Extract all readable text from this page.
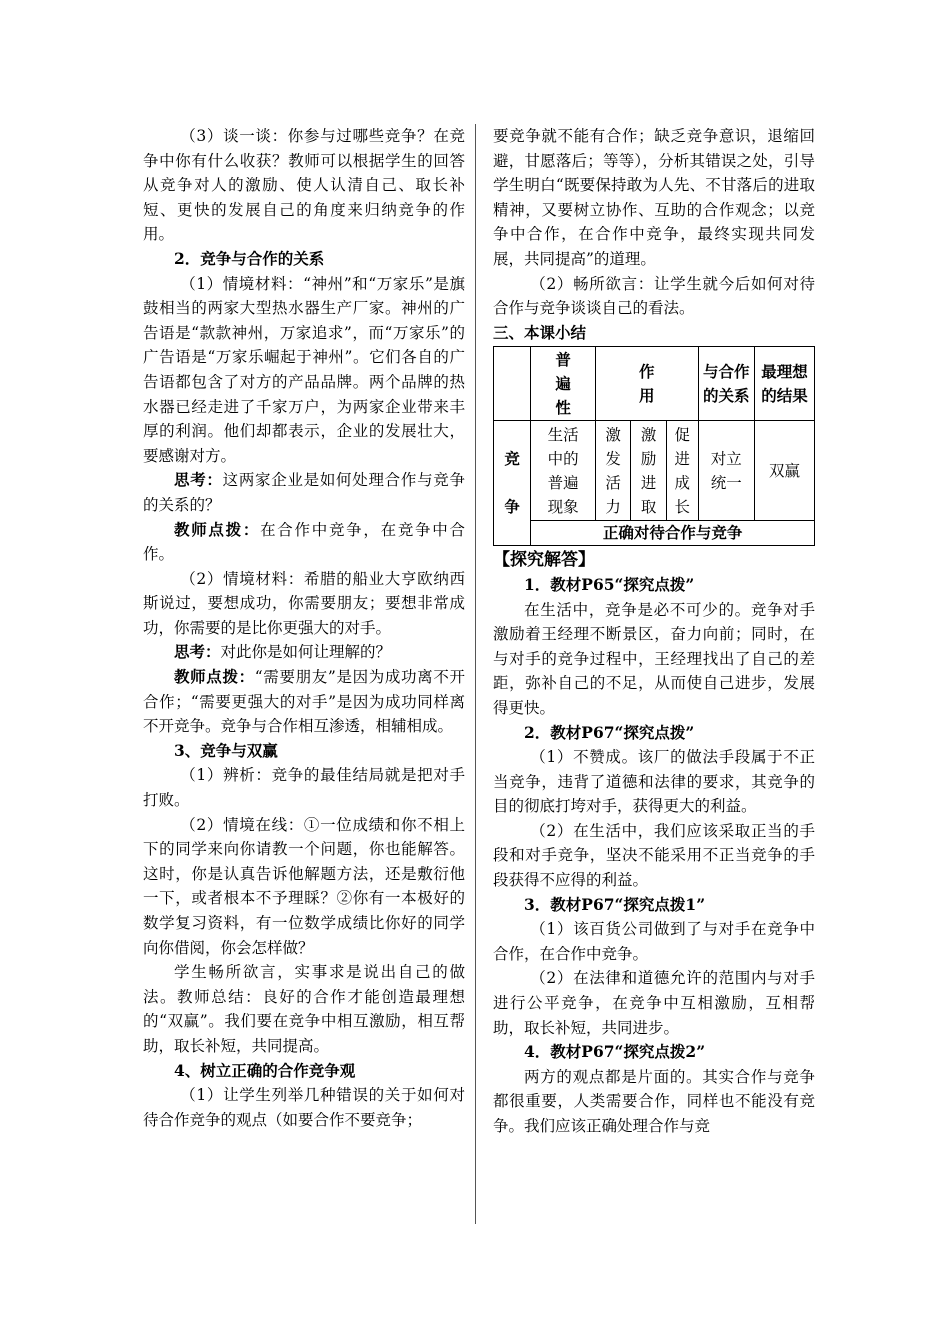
（3）谈一谈：你参与过哪些竞争？在竞争中你有什么收获？教师可以根据学生的回答从竞争对人的激励、使人认清自己、取长补短、更快的发展自己的角度来归纳竞争的作用。

2．竞争与合作的关系

（1）情境材料：“神州”和“万家乐”是旗鼓相当的两家大型热水器生产厂家。神州的广告语是“款款神州，万家追求”，而“万家乐”的广告语是“万家乐崛起于神州”。它们各自的广告语都包含了对方的产品品牌。两个品牌的热水器已经走进了千家万户，为两家企业带来丰厚的利润。他们却都表示，企业的发展壮大，要感谢对方。

思考：这两家企业是如何处理合作与竞争的关系的？

教师点拨：在合作中竞争，在竞争中合作。

（2）情境材料：希腊的船业大亨欧纳西斯说过，要想成功，你需要朋友；要想非常成功，你需要的是比你更强大的对手。

思考：对此你是如何让理解的？

教师点拨：“需要朋友”是因为成功离不开合作；“需要更强大的对手”是因为成功同样离不开竞争。竞争与合作相互渗透，相辅相成。

3、竞争与双赢

（1）辨析：竞争的最佳结局就是把对手打败。

（2）情境在线：①一位成绩和你不相上下的同学来向你请教一个问题，你也能解答。这时，你是认真告诉他解题方法，还是敷衍他一下，或者根本不予理睬？②你有一本极好的数学复习资料，有一位数学成绩比你好的同学向你借阅，你会怎样做？

学生畅所欲言，实事求是说出自己的做法。教师总结：良好的合作才能创造最理想的“双赢”。我们要在竞争中相互激励，相互帮助，取长补短，共同提高。

4、树立正确的合作竞争观

（1）让学生列举几种错误的关于如何对待合作竞争的观点（如要合作不要竞争；

要竞争就不能有合作；缺乏竞争意识，退缩回避，甘愿落后；等等），分析其错误之处，引导学生明白“既要保持敢为人先、不甘落后的进取精神，又要树立协作、互助的合作观念；以竞争中合作，在合作中竞争，最终实现共同发展，共同提高”的道理。

（2）畅所欲言：让学生就今后如何对待合作与竞争谈谈自己的看法。

三、本课小结

	普遍性	作用			与合作的关系	最理想的结果

竞争	生活中的普遍现象	激发活力	激励进取	促进成长	对立统一	双赢
	正确对待合作与竞争					

【探究解答】

1．教材P65“探究点拨”

在生活中，竞争是必不可少的。竞争对手激励着王经理不断景区，奋力向前；同时，在与对手的竞争过程中，王经理找出了自己的差距，弥补自己的不足，从而使自己进步，发展得更快。

2．教材P67“探究点拨”

（1）不赞成。该厂的做法手段属于不正当竞争，违背了道德和法律的要求，其竞争的目的彻底打垮对手，获得更大的利益。

（2）在生活中，我们应该采取正当的手段和对手竞争，坚决不能采用不正当竞争的手段获得不应得的利益。

3．教材P67“探究点拨1”

（1）该百货公司做到了与对手在竞争中合作，在合作中竞争。

（2）在法律和道德允许的范围内与对手进行公平竞争，在竞争中互相激励，互相帮助，取长补短，共同进步。

4．教材P67“探究点拨2”

两方的观点都是片面的。其实合作与竞争都很重要，人类需要合作，同样也不能没有竞争。我们应该正确处理合作与竞
